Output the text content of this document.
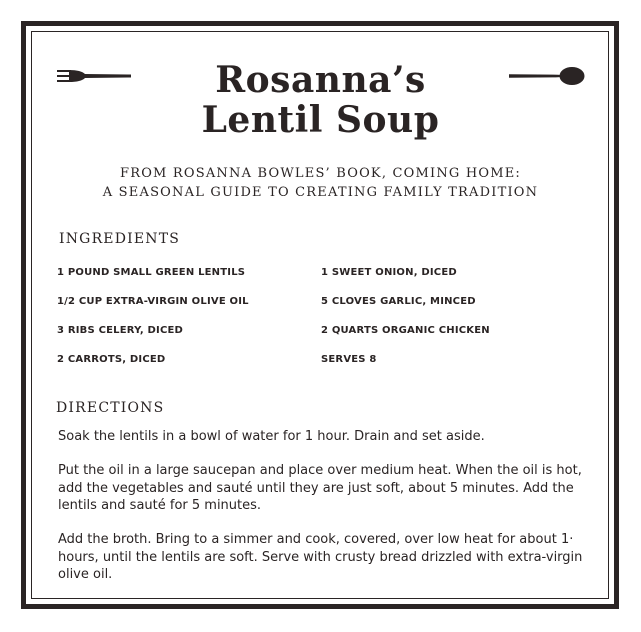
Rosanna’s
Lentil Soup
FROM ROSANNA BOWLES’ BOOK, COMING HOME:
A SEASONAL GUIDE TO CREATING FAMILY TRADITION
INGREDIENTS
1 POUND SMALL GREEN LENTILS
1/2 CUP EXTRA-VIRGIN OLIVE OIL
3 RIBS CELERY, DICED
2 CARROTS, DICED
1 SWEET ONION, DICED
5 CLOVES GARLIC, MINCED
2 QUARTS ORGANIC CHICKEN
SERVES 8
DIRECTIONS

Soak the lentils in a bowl of water for 1 hour. Drain and set aside.

Put the oil in a large saucepan and place over medium heat. When the oil is hot, add the vegetables and sauté until they are just soft, about 5 minutes. Add the lentils and sauté for 5 minutes.

Add the broth. Bring to a simmer and cook, covered, over low heat for about 1· hours, until the lentils are soft. Serve with crusty bread drizzled with extra-virgin olive oil.
